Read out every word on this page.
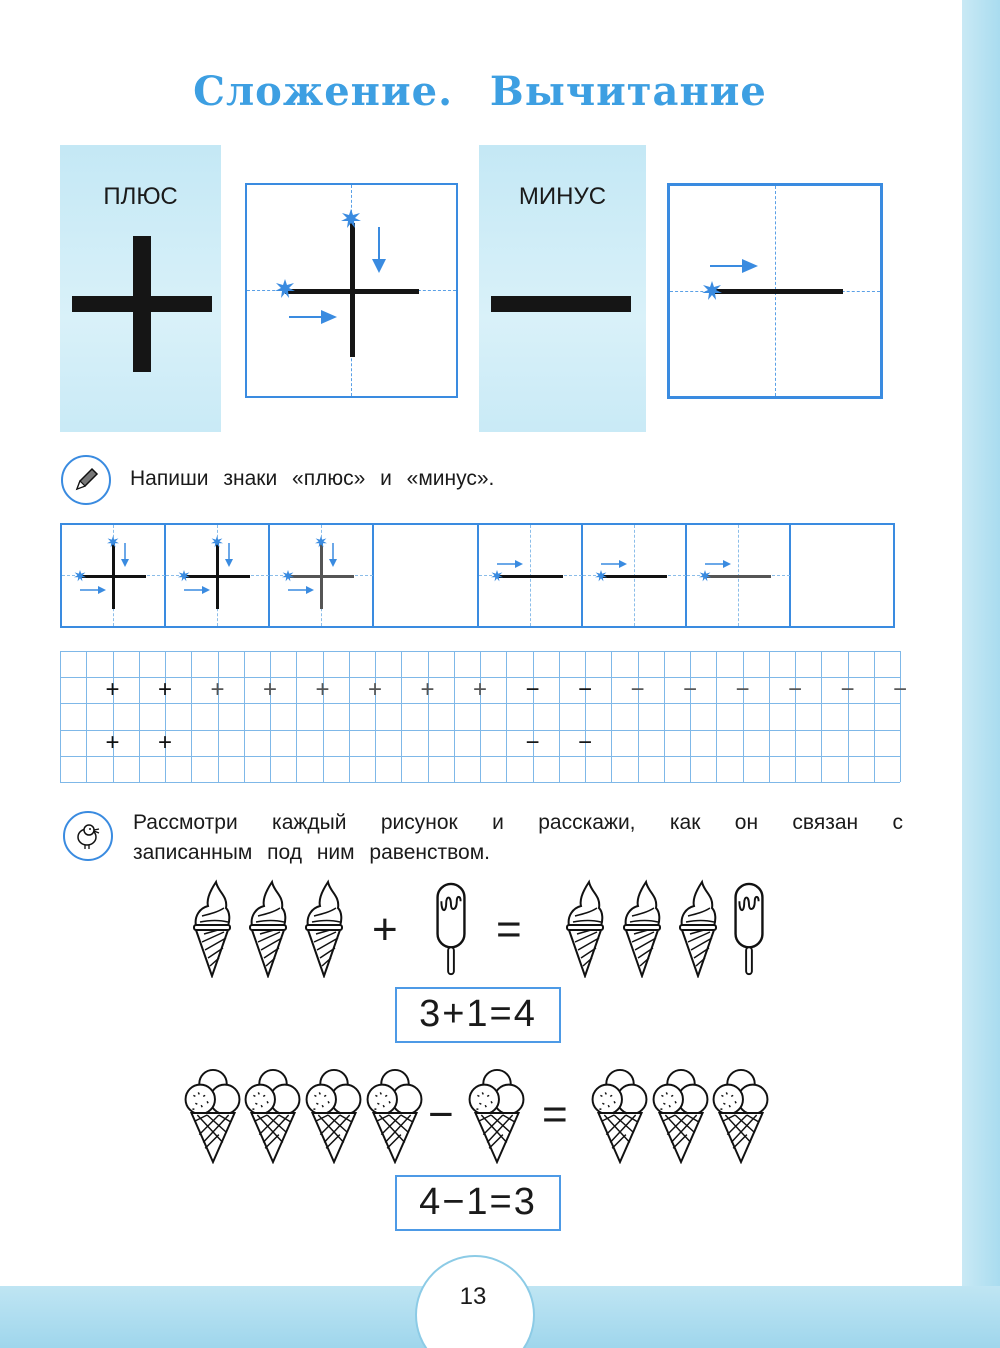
13
Сложение. Вычитание
ПЛЮС	МИНУС
Напиши знаки «плюс» и «минус».
+ + + + + + + + − − − − − − − −
+ +	− −
Рассмотри каждый рисунок и расскажи, как он связан с
записанным под ним равенством.
+ =
3+1=4
− =
4−1=3
